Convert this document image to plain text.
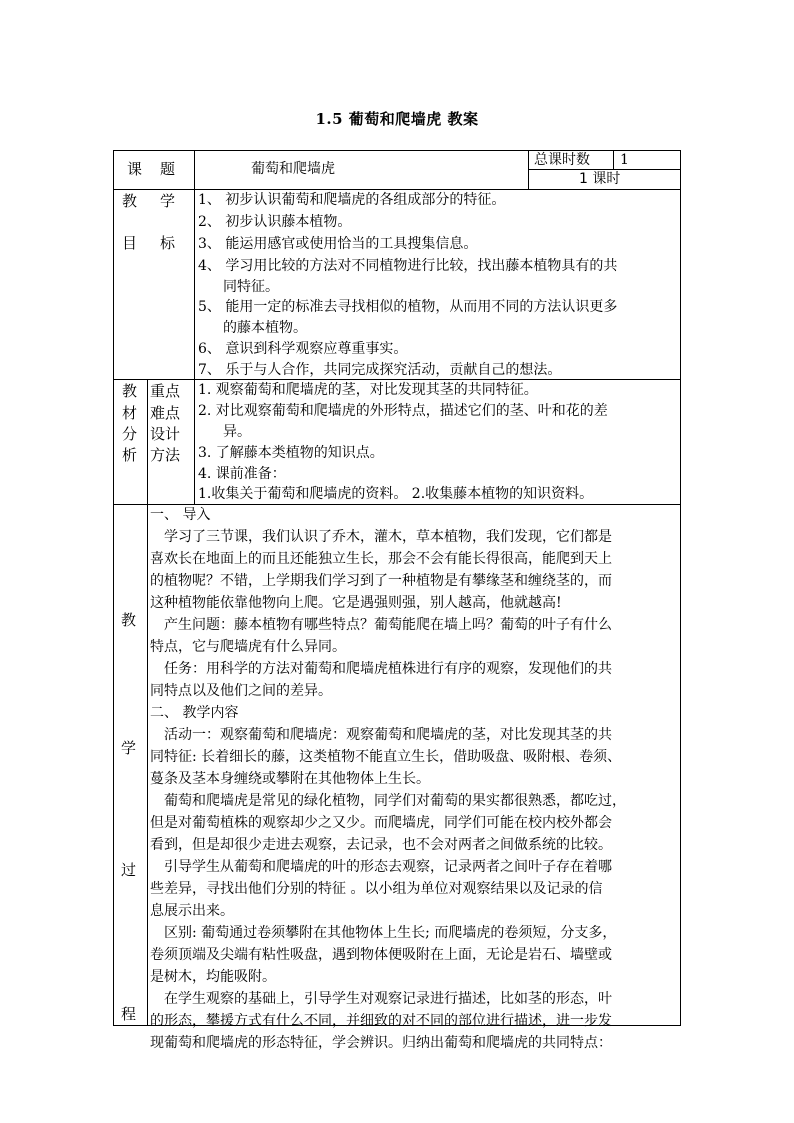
1.5 葡萄和爬墙虎 教案
课 题	葡萄和爬墙虎
总课时数 1
1 课时
教 学
目 标
1、 初步认识葡萄和爬墙虎的各组成部分的特征。
2、 初步认识藤本植物。
3、 能运用感官或使用恰当的工具搜集信息。
4、 学习用比较的方法对不同植物进行比较，找出藤本植物具有的共
同特征。
5、 能用一定的标准去寻找相似的植物，从而用不同的方法认识更多
的藤本植物。
6、 意识到科学观察应尊重事实。
7、 乐于与人合作，共同完成探究活动，贡献自己的想法。
教
材
分
析
重点
难点
设计
方法
1. 观察葡萄和爬墙虎的茎，对比发现其茎的共同特征。
2. 对比观察葡萄和爬墙虎的外形特点，描述它们的茎、叶和花的差
异。
3. 了解藤本类植物的知识点。
4. 课前准备：
1.收集关于葡萄和爬墙虎的资料。 2.收集藤本植物的知识资料。
教
学
过
程
一、 导入
学习了三节课，我们认识了乔木，灌木，草本植物，我们发现，它们都是
喜欢长在地面上的而且还能独立生长，那会不会有能长得很高，能爬到天上
的植物呢？不错，上学期我们学习到了一种植物是有攀缘茎和缠绕茎的，而
这种植物能依靠他物向上爬。它是遇强则强，别人越高，他就越高!
产生问题：藤本植物有哪些特点？葡萄能爬在墙上吗？葡萄的叶子有什么
特点，它与爬墙虎有什么异同。
任务：用科学的方法对葡萄和爬墙虎植株进行有序的观察，发现他们的共
同特点以及他们之间的差异。
二、 教学内容
活动一：观察葡萄和爬墙虎：观察葡萄和爬墙虎的茎，对比发现其茎的共
同特征: 长着细长的藤，这类植物不能直立生长，借助吸盘、吸附根、卷须、
蔓条及茎本身缠绕或攀附在其他物体上生长。
葡萄和爬墙虎是常见的绿化植物，同学们对葡萄的果实都很熟悉，都吃过，
但是对葡萄植株的观察却少之又少。而爬墙虎，同学们可能在校内校外都会
看到，但是却很少走进去观察，去记录，也不会对两者之间做系统的比较。
引导学生从葡萄和爬墙虎的叶的形态去观察，记录两者之间叶子存在着哪
些差异，寻找出他们分别的特征 。以小组为单位对观察结果以及记录的信
息展示出来。
区别: 葡萄通过卷须攀附在其他物体上生长; 而爬墙虎的卷须短，分支多，
卷须顶端及尖端有粘性吸盘，遇到物体便吸附在上面，无论是岩石、墙壁或
是树木，均能吸附。
在学生观察的基础上，引导学生对观察记录进行描述，比如茎的形态，叶
的形态，攀援方式有什么不同，并细致的对不同的部位进行描述，进一步发
现葡萄和爬墙虎的形态特征，学会辨识。归纳出葡萄和爬墙虎的共同特点：
